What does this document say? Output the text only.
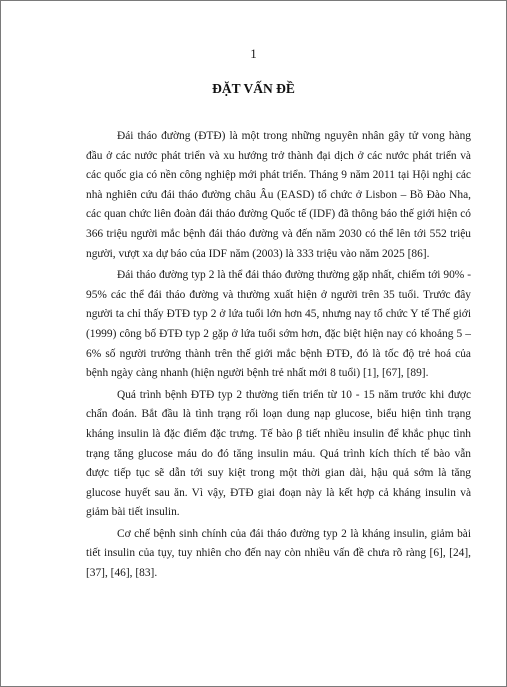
1
ĐẶT VẤN ĐỀ

Đái tháo đường (ĐTĐ) là một trong những nguyên nhân gây tử vong hàng đầu ở các nước phát triển và xu hướng trở thành đại dịch ở các nước phát triển và các quốc gia có nền công nghiệp mới phát triển. Tháng 9 năm 2011 tại Hội nghị các nhà nghiên cứu đái tháo đường châu Âu (EASD) tổ chức ở Lisbon – Bồ Đào Nha, các quan chức liên đoàn đái tháo đường Quốc tế (IDF) đã thông báo thế giới hiện có 366 triệu người mắc bệnh đái tháo đường và đến năm 2030 có thể lên tới 552 triệu người, vượt xa dự báo của IDF năm (2003) là 333 triệu vào năm 2025 [86].

Đái tháo đường typ 2 là thể đái tháo đường thường gặp nhất, chiếm tới 90% - 95% các thể đái tháo đường và thường xuất hiện ở người trên 35 tuổi. Trước đây người ta chỉ thấy ĐTĐ typ 2 ở lứa tuổi lớn hơn 45, nhưng nay tổ chức Y tế Thế giới (1999) công bố ĐTĐ typ 2 gặp ở lứa tuổi sớm hơn, đặc biệt hiện nay có khoảng 5 – 6% số người trưởng thành trên thế giới mắc bệnh ĐTĐ, đó là tốc độ trẻ hoá của bệnh ngày càng nhanh (hiện người bệnh trẻ nhất mới 8 tuổi) [1], [67], [89].

Quá trình bệnh ĐTĐ typ 2 thường tiến triển từ 10 - 15 năm trước khi được chẩn đoán. Bắt đầu là tình trạng rối loạn dung nạp glucose, biểu hiện tình trạng kháng insulin là đặc điểm đặc trưng. Tế bào β tiết nhiều insulin để khắc phục tình trạng tăng glucose máu do đó tăng insulin máu. Quá trình kích thích tế bào vẫn được tiếp tục sẽ dẫn tới suy kiệt trong một thời gian dài, hậu quả sớm là tăng glucose huyết sau ăn. Vì vậy, ĐTĐ giai đoạn này là kết hợp cả kháng insulin và giảm bài tiết insulin.

Cơ chế bệnh sinh chính của đái tháo đường typ 2 là kháng insulin, giảm bài tiết insulin của tụy, tuy nhiên cho đến nay còn nhiều vấn đề chưa rõ ràng [6], [24], [37], [46], [83].
